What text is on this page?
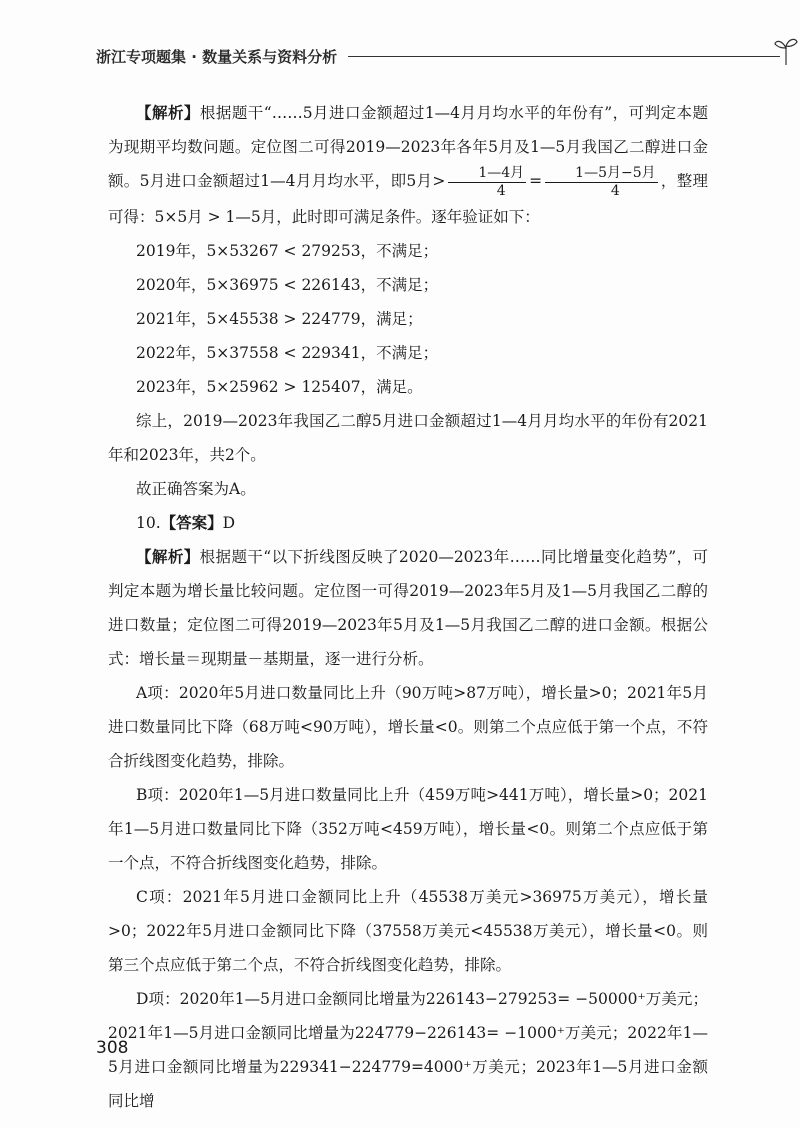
浙江专项题集 · 数量关系与资料分析

【解析】根据题干“……5月进口金额超过1—4月月均水平的年份有”，可判定本题为现期平均数问题。定位图二可得2019—2023年各年5月及1—5月我国乙二醇进口金额。5月进口金额超过1—4月月均水平，即5月> $\frac{\text{1—4月}}{4} = \frac{\text{1—5月−5月}}{4}$ ，整理可得：5×5月 > 1—5月，此时即可满足条件。逐年验证如下：

2019年，5×53267 < 279253，不满足；

2020年，5×36975 < 226143，不满足；

2021年，5×45538 > 224779，满足；

2022年，5×37558 < 229341，不满足；

2023年，5×25962 > 125407，满足。

综上，2019—2023年我国乙二醇5月进口金额超过1—4月月均水平的年份有2021年和2023年，共2个。

故正确答案为A。

10.【答案】D

【解析】根据题干“以下折线图反映了2020—2023年……同比增量变化趋势”，可判定本题为增长量比较问题。定位图一可得2019—2023年5月及1—5月我国乙二醇的进口数量；定位图二可得2019—2023年5月及1—5月我国乙二醇的进口金额。根据公式：增长量＝现期量－基期量，逐一进行分析。

A项：2020年5月进口数量同比上升（90万吨>87万吨），增长量>0；2021年5月进口数量同比下降（68万吨<90万吨），增长量<0。则第二个点应低于第一个点，不符合折线图变化趋势，排除。

B项：2020年1—5月进口数量同比上升（459万吨>441万吨），增长量>0；2021年1—5月进口数量同比下降（352万吨<459万吨），增长量<0。则第二个点应低于第一个点，不符合折线图变化趋势，排除。

C项：2021年5月进口金额同比上升（45538万美元>36975万美元），增长量>0；2022年5月进口金额同比下降（37558万美元<45538万美元），增长量<0。则第三个点应低于第二个点，不符合折线图变化趋势，排除。

D项：2020年1—5月进口金额同比增量为226143−279253= −50000⁺万美元；2021年1—5月进口金额同比增量为224779−226143= −1000⁺万美元；2022年1—5月进口金额同比增量为229341−224779=4000⁺万美元；2023年1—5月进口金额同比增

308
